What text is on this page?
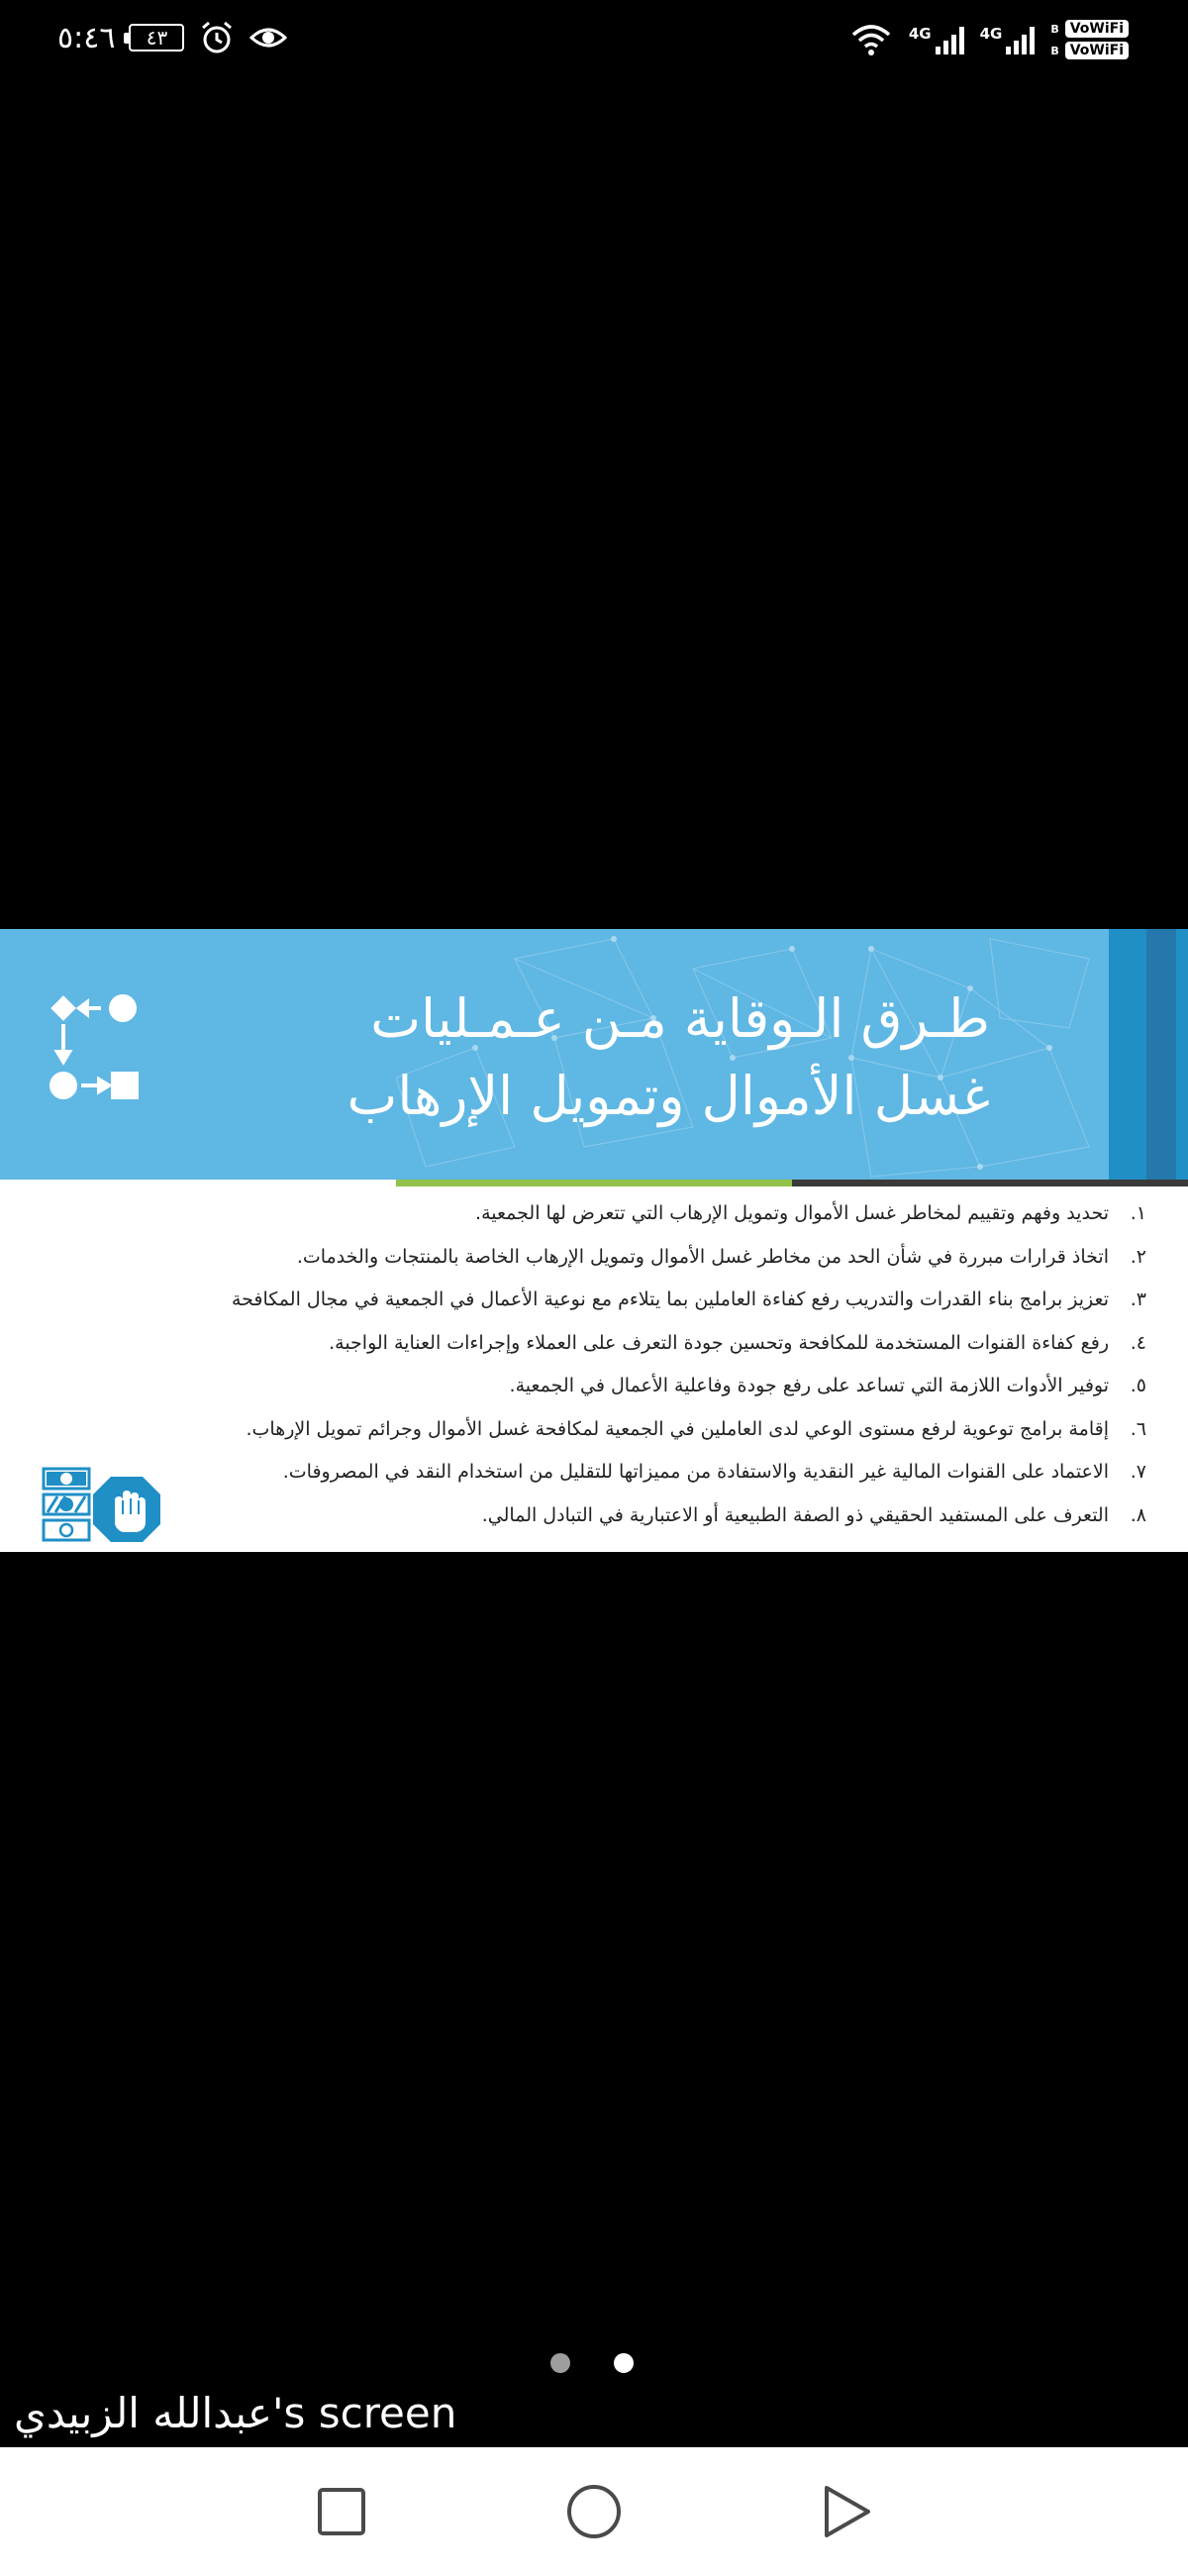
٥:٤٦ ٤٣	4G	4G	B VoWiFi
B VoWiFi
طـرق الـوقاية مـن عـمـليات
غسل الأموال وتمويل الإرهاب
١.
تحديد وفهم وتقييم لمخاطر غسل الأموال وتمويل الإرهاب التي تتعرض لها الجمعية.
٢.
اتخاذ قرارات مبررة في شأن الحد من مخاطر غسل الأموال وتمويل الإرهاب الخاصة بالمنتجات والخدمات.
٣.
تعزيز برامج بناء القدرات والتدريب رفع كفاءة العاملين بما يتلاءم مع نوعية الأعمال في الجمعية في مجال المكافحة
٤.
رفع كفاءة القنوات المستخدمة للمكافحة وتحسين جودة التعرف على العملاء وإجراءات العناية الواجبة.
٥.
توفير الأدوات اللازمة التي تساعد على رفع جودة وفاعلية الأعمال في الجمعية.
٦.
إقامة برامج توعوية لرفع مستوى الوعي لدى العاملين في الجمعية لمكافحة غسل الأموال وجرائم تمويل الإرهاب.
٧.
الاعتماد على القنوات المالية غير النقدية والاستفادة من مميزاتها للتقليل من استخدام النقد في المصروفات.
٨.
التعرف على المستفيد الحقيقي ذو الصفة الطبيعية أو الاعتبارية في التبادل المالي.
عبدالله الزبيدي's screen
